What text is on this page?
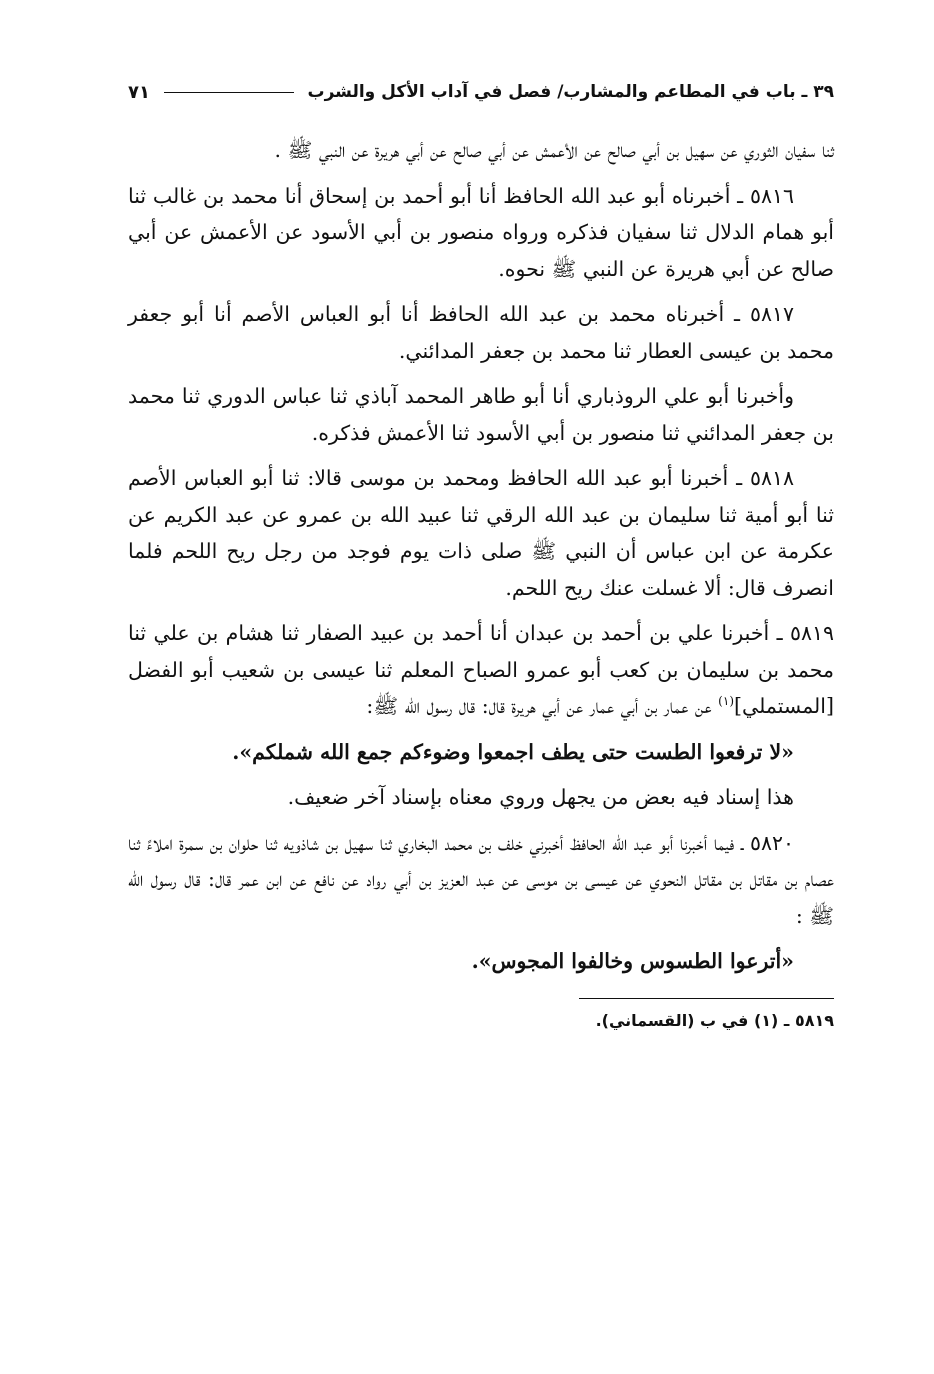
٣٩ ـ باب في المطاعم والمشارب/ فصل في آداب الأكل والشرب
٧١

ثنا سفيان الثوري عن سهيل بن أبي صالح عن الأعمش عن أبي صالح عن أبي هريرة عن النبي ﷺ .

٥٨١٦ ـ أخبرناه أبو عبد الله الحافظ أنا أبو أحمد بن إسحاق أنا محمد بن غالب ثنا أبو همام الدلال ثنا سفيان فذكره ورواه منصور بن أبي الأسود عن الأعمش عن أبي صالح عن أبي هريرة عن النبي ﷺ نحوه.

٥٨١٧ ـ أخبرناه محمد بن عبد الله الحافظ أنا أبو العباس الأصم أنا أبو جعفر محمد بن عيسى العطار ثنا محمد بن جعفر المدائني.

وأخبرنا أبو علي الروذباري أنا أبو طاهر المحمد آباذي ثنا عباس الدوري ثنا محمد بن جعفر المدائني ثنا منصور بن أبي الأسود ثنا الأعمش فذكره.

٥٨١٨ ـ أخبرنا أبو عبد الله الحافظ ومحمد بن موسى قالا: ثنا أبو العباس الأصم ثنا أبو أمية ثنا سليمان بن عبد الله الرقي ثنا عبيد الله بن عمرو عن عبد الكريم عن عكرمة عن ابن عباس أن النبي ﷺ صلى ذات يوم فوجد من رجل ريح اللحم فلما انصرف قال: ألا غسلت عنك ريح اللحم.

٥٨١٩ ـ أخبرنا علي بن أحمد بن عبدان أنا أحمد بن عبيد الصفار ثنا هشام بن علي ثنا محمد بن سليمان بن كعب أبو عمرو الصباح المعلم ثنا عيسى بن شعيب أبو الفضل [المستملي]$^{(١)}$ عن عمار بن أبي عمار عن أبي هريرة قال: قال رسول الله ﷺ:

«لا ترفعوا الطست حتى يطف اجمعوا وضوءكم جمع الله شملكم».

هذا إسناد فيه بعض من يجهل وروي معناه بإسناد آخر ضعيف.

٥٨٢٠ ـ فيما أخبرنا أبو عبد الله الحافظ أخبرني خلف بن محمد البخاري ثنا سهيل بن شاذويه ثنا حلوان بن سمرة املاءً ثنا عصام بن مقاتل بن مقاتل النحوي عن عيسى بن موسى عن عبد العزيز بن أبي رواد عن نافع عن ابن عمر قال: قال رسول الله ﷺ :

«أترعوا الطسوس وخالفوا المجوس».

٥٨١٩ ـ (١) في ب (القسماني).
